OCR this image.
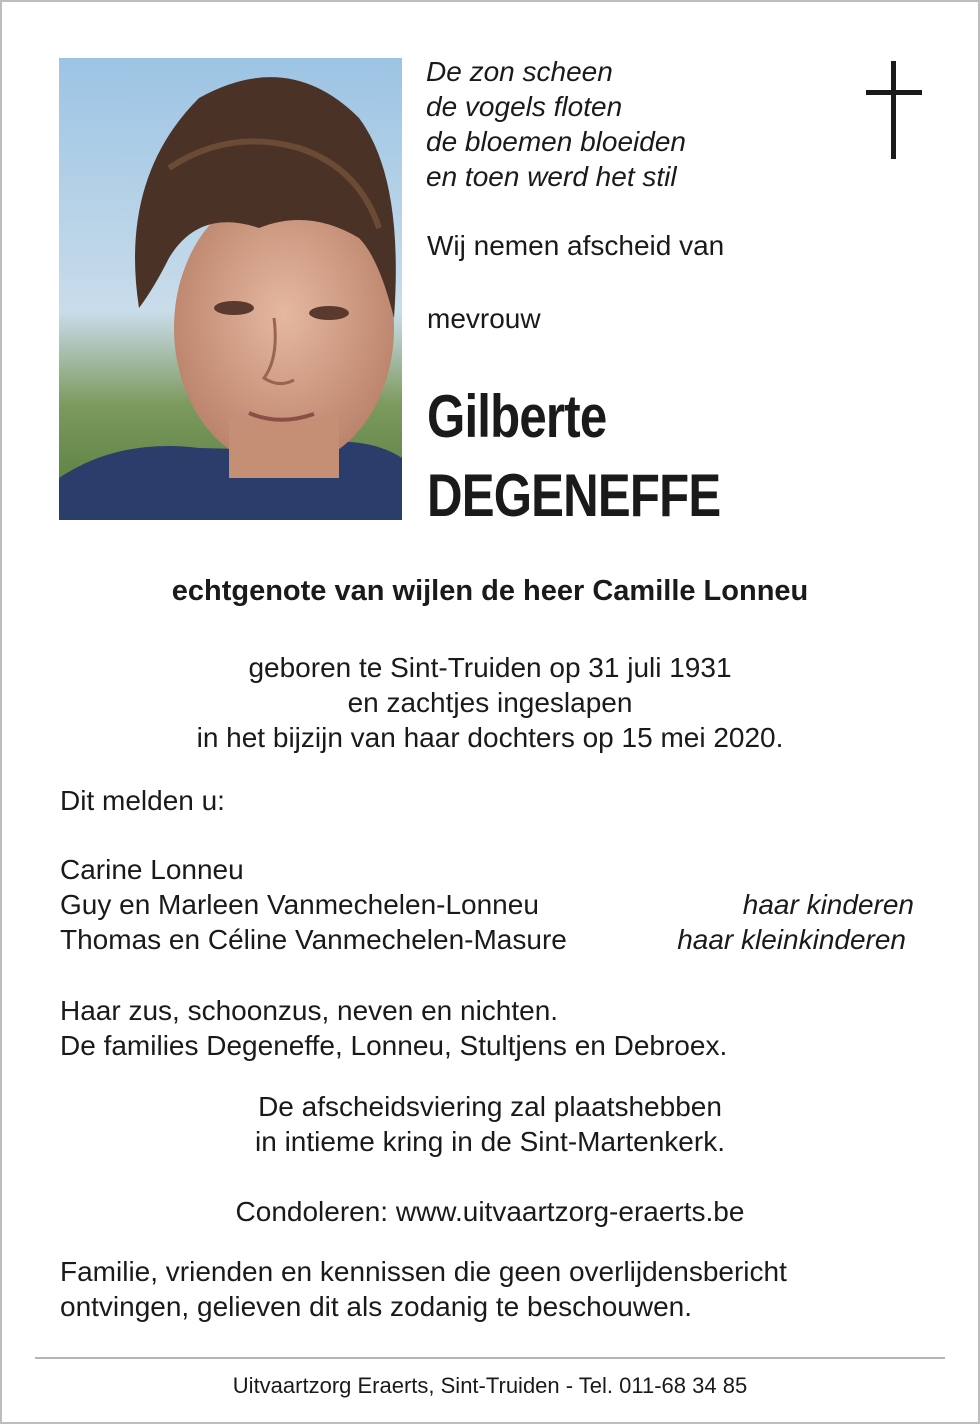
De zon scheen
de vogels floten
de bloemen bloeiden
en toen werd het stil
Wij nemen afscheid van
mevrouw
Gilberte
DEGENEFFE
echtgenote van wijlen de heer Camille Lonneu
geboren te Sint-Truiden op 31 juli 1931
en zachtjes ingeslapen
in het bijzijn van haar dochters op 15 mei 2020.
Dit melden u:
Carine Lonneu
Guy en Marleen Vanmechelen-Lonneu
Thomas en Céline Vanmechelen-Masure
haar kinderen
haar kleinkinderen
Haar zus, schoonzus, neven en nichten.
De families Degeneffe, Lonneu, Stultjens en Debroex.
De afscheidsviering zal plaatshebben
in intieme kring in de Sint-Martenkerk.
Condoleren: www.uitvaartzorg-eraerts.be
Familie, vrienden en kennissen die geen overlijdensbericht
ontvingen, gelieven dit als zodanig te beschouwen.
Uitvaartzorg Eraerts, Sint-Truiden - Tel. 011-68 34 85
